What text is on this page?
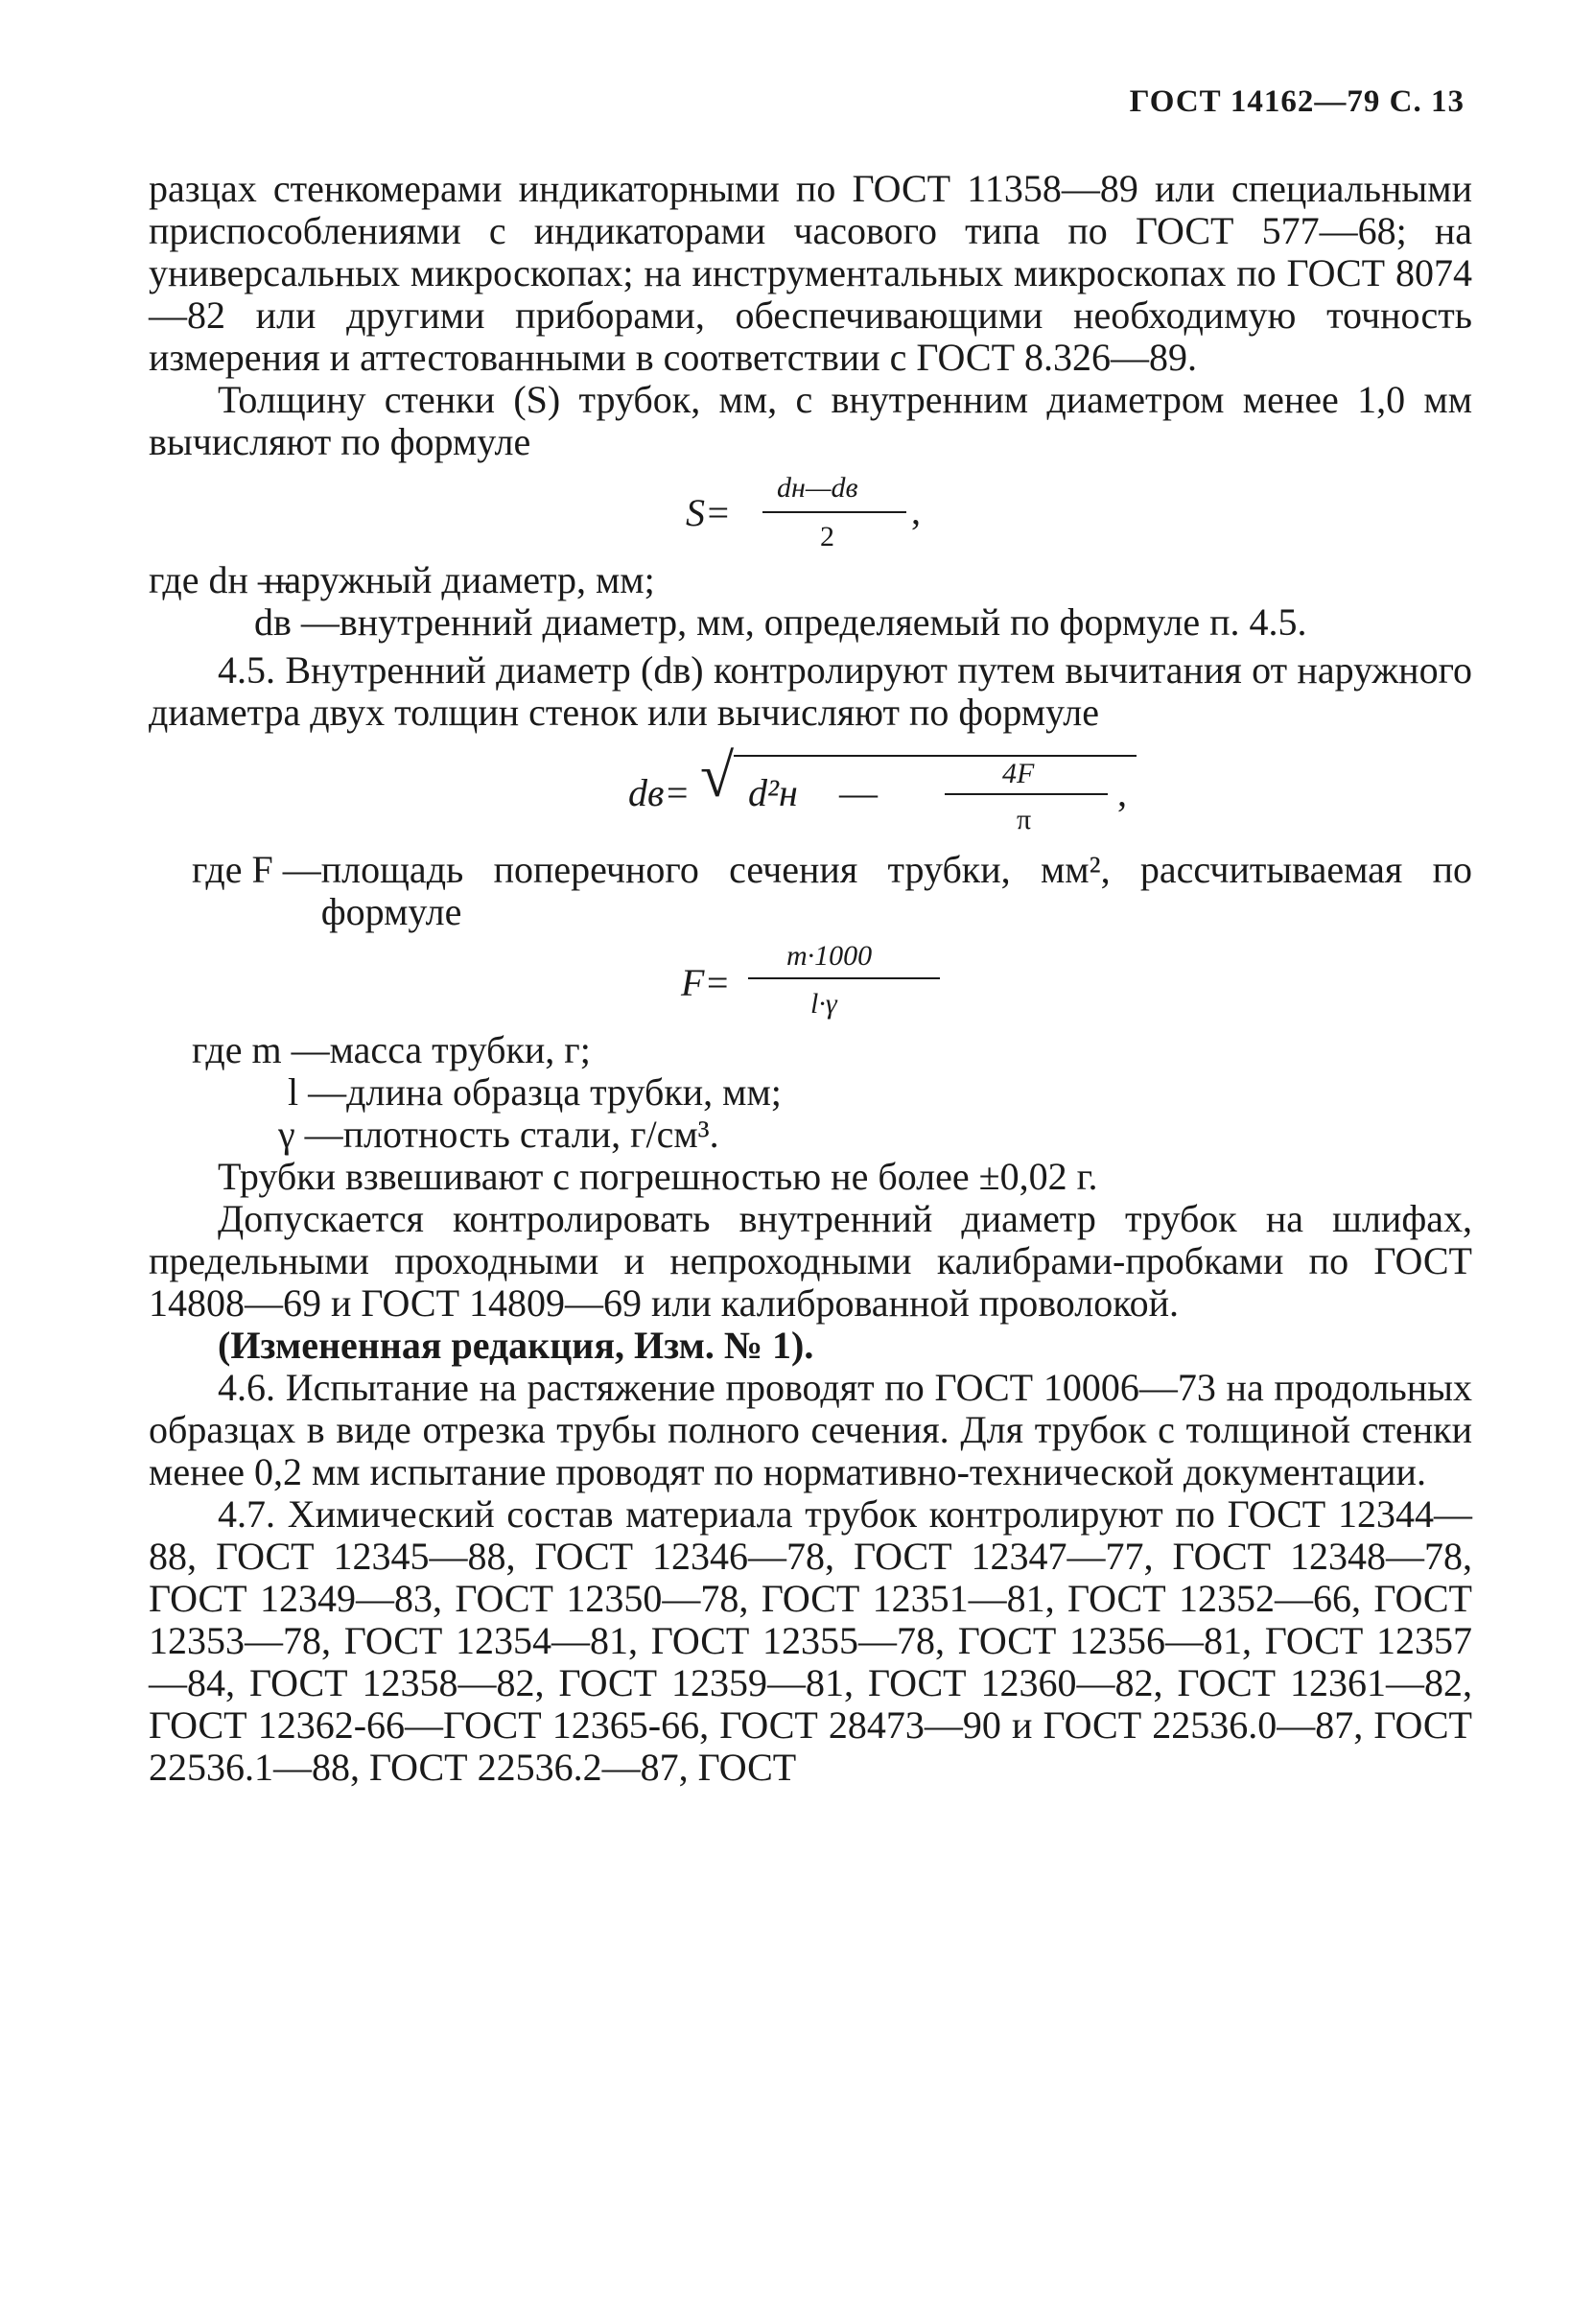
ГОСТ 14162—79 С. 13

разцах стенкомерами индикаторными по ГОСТ 11358—89 или специальными приспособлениями с индикаторами часового типа по ГОСТ 577—68; на универсальных микроскопах; на инструментальных микроскопах по ГОСТ 8074—82 или другими приборами, обеспечивающими необходимую точность измерения и аттестованными в соответствии с ГОСТ 8.326—89.

Толщину стенки (S) трубок, мм, с внутренним диаметром менее 1,0 мм вычисляют по формуле

S=
dн—dв
2
,
где dн —
наружный диаметр, мм;
dв — внутренний диаметр, мм, определяемый по формуле п. 4.5.

4.5. Внутренний диаметр (dв) контролируют путем вычитания от наружного диаметра двух толщин стенок или вычисляют по формуле

dв= √ d²н —	4F
π
,
где F — площадь поперечного сечения трубки, мм², рассчитываемая по формуле
F=
m·1000
l·γ
где m — масса трубки, г;
l — длина образца трубки, мм;
γ — плотность стали, г/см³.

Трубки взвешивают с погрешностью не более ±0,02 г.

Допускается контролировать внутренний диаметр трубок на шлифах, предельными проходными и непроходными калибрами-пробками по ГОСТ 14808—69 и ГОСТ 14809—69 или калиброванной проволокой.

(Измененная редакция, Изм. № 1).

4.6. Испытание на растяжение проводят по ГОСТ 10006—73 на продольных образцах в виде отрезка трубы полного сечения. Для трубок с толщиной стенки менее 0,2 мм испытание проводят по нормативно-технической документации.

4.7. Химический состав материала трубок контролируют по ГОСТ 12344—88, ГОСТ 12345—88, ГОСТ 12346—78, ГОСТ 12347—77, ГОСТ 12348—78, ГОСТ 12349—83, ГОСТ 12350—78, ГОСТ 12351—81, ГОСТ 12352—66, ГОСТ 12353—78, ГОСТ 12354—81, ГОСТ 12355—78, ГОСТ 12356—81, ГОСТ 12357—84, ГОСТ 12358—82, ГОСТ 12359—81, ГОСТ 12360—82, ГОСТ 12361—82, ГОСТ 12362-66—ГОСТ 12365-66, ГОСТ 28473—90 и ГОСТ 22536.0—87, ГОСТ 22536.1—88, ГОСТ 22536.2—87, ГОСТ
